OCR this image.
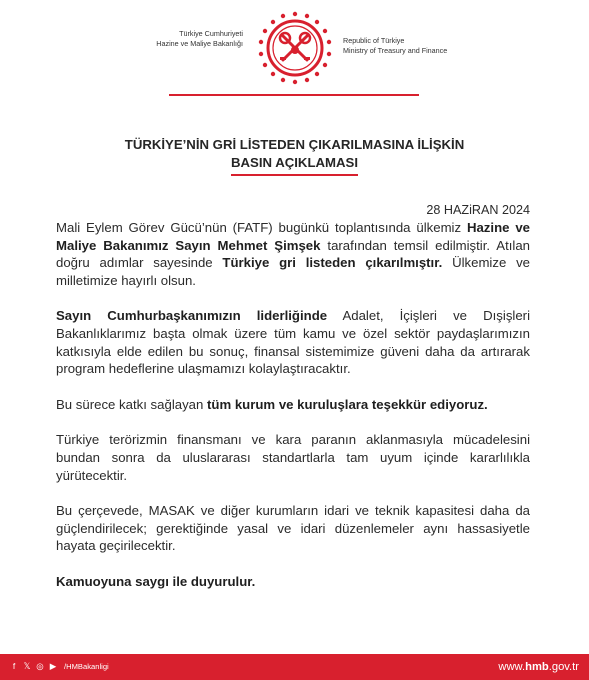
Türkiye Cumhuriyeti
Hazine ve Maliye Bakanlığı	Republic of Türkiye
Ministry of Treasury and Finance
TÜRKİYE’NİN GRİ LİSTEDEN ÇIKARILMASINA İLİŞKİN
BASIN AÇIKLAMASI
28 HAZiRAN 2024

Mali Eylem Görev Gücü’nün (FATF) bugünkü toplantısında ülkemiz Hazine ve Maliye Bakanımız Sayın Mehmet Şimşek tarafından temsil edilmiştir. Atılan doğru adımlar sayesinde Türkiye gri listeden çıkarılmıştır. Ülkemize ve milletimize hayırlı olsun.

Sayın Cumhurbaşkanımızın liderliğinde Adalet, İçişleri ve Dışişleri Bakanlıklarımız başta olmak üzere tüm kamu ve özel sektör paydaşlarımızın katkısıyla elde edilen bu sonuç, finansal sistemimize güveni daha da artırarak program hedeflerine ulaşmamızı kolaylaştıracaktır.

Bu sürece katkı sağlayan tüm kurum ve kuruluşlara teşekkür ediyoruz.

Türkiye terörizmin finansmanı ve kara paranın aklanmasıyla mücadelesini bundan sonra da uluslararası standartlarla tam uyum içinde kararlılıkla yürütecektir.

Bu çerçevede, MASAK ve diğer kurumların idari ve teknik kapasitesi daha da güçlendirilecek; gerektiğinde yasal ve idari düzenlemeler aynı hassasiyetle hayata geçirilecektir.

Kamuoyuna saygı ile duyurulur.

f 𝕏 ◎ ▶ /HMBakanligi	www.hmb.gov.tr
